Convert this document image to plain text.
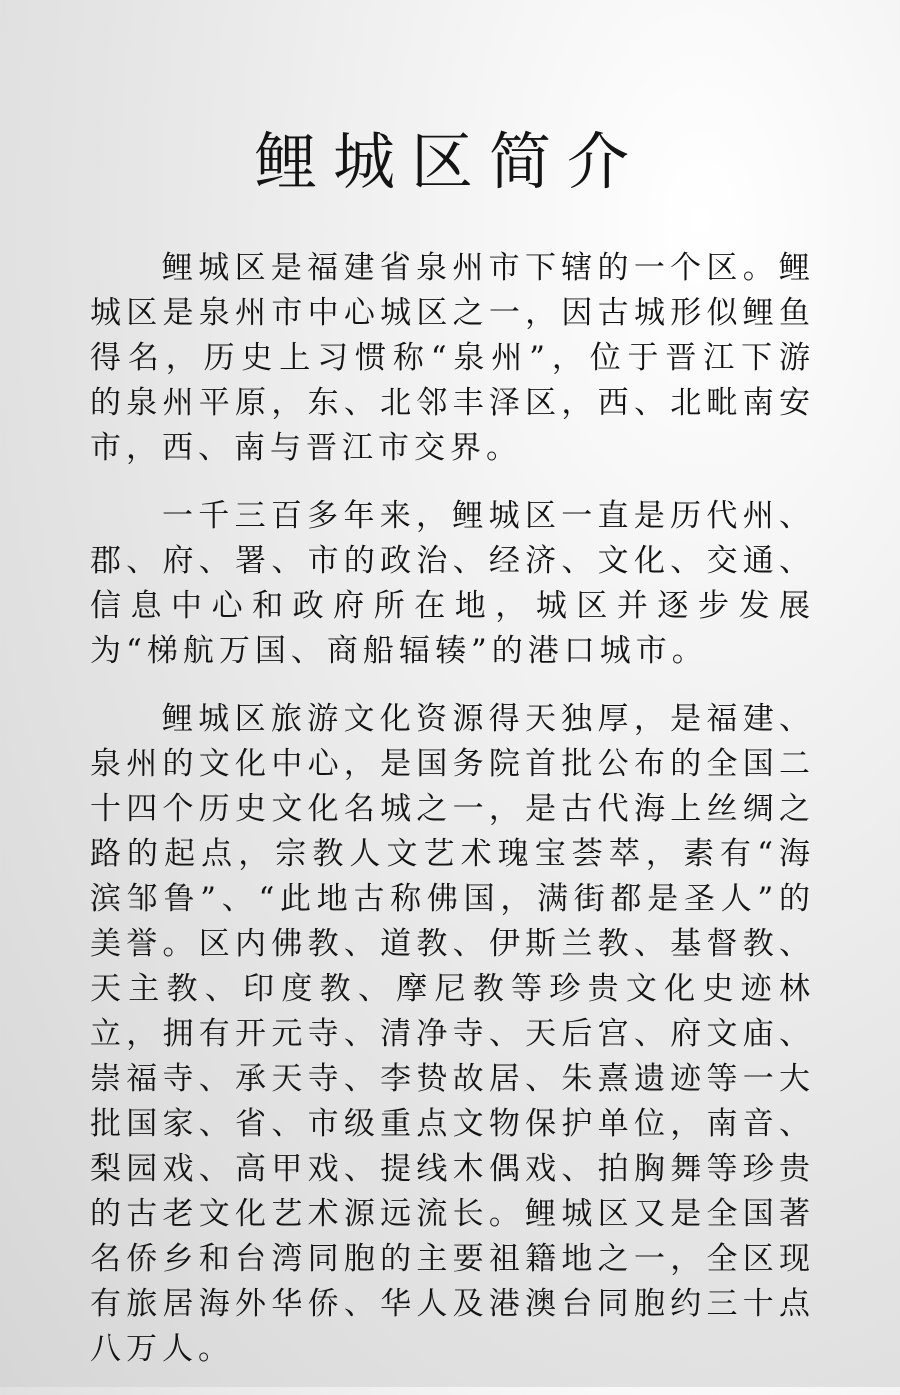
鲤城区简介

鲤城区是福建省泉州市下辖的一个区。鲤城区是泉州市中心城区之一，因古城形似鲤鱼得名，历史上习惯称“泉州”，位于晋江下游的泉州平原，东、北邻丰泽区，西、北毗南安市，西、南与晋江市交界。

一千三百多年来，鲤城区一直是历代州、郡、府、署、市的政治、经济、文化、交通、信息中心和政府所在地，城区并逐步发展为“梯航万国、商船辐辏”的港口城市。

鲤城区旅游文化资源得天独厚，是福建、泉州的文化中心，是国务院首批公布的全国二十四个历史文化名城之一，是古代海上丝绸之路的起点，宗教人文艺术瑰宝荟萃，素有“海滨邹鲁”、“此地古称佛国，满街都是圣人”的美誉。区内佛教、道教、伊斯兰教、基督教、天主教、印度教、摩尼教等珍贵文化史迹林立，拥有开元寺、清净寺、天后宫、府文庙、崇福寺、承天寺、李贽故居、朱熹遗迹等一大批国家、省、市级重点文物保护单位，南音、梨园戏、高甲戏、提线木偶戏、拍胸舞等珍贵的古老文化艺术源远流长。鲤城区又是全国著名侨乡和台湾同胞的主要祖籍地之一，全区现有旅居海外华侨、华人及港澳台同胞约三十点八万人。
